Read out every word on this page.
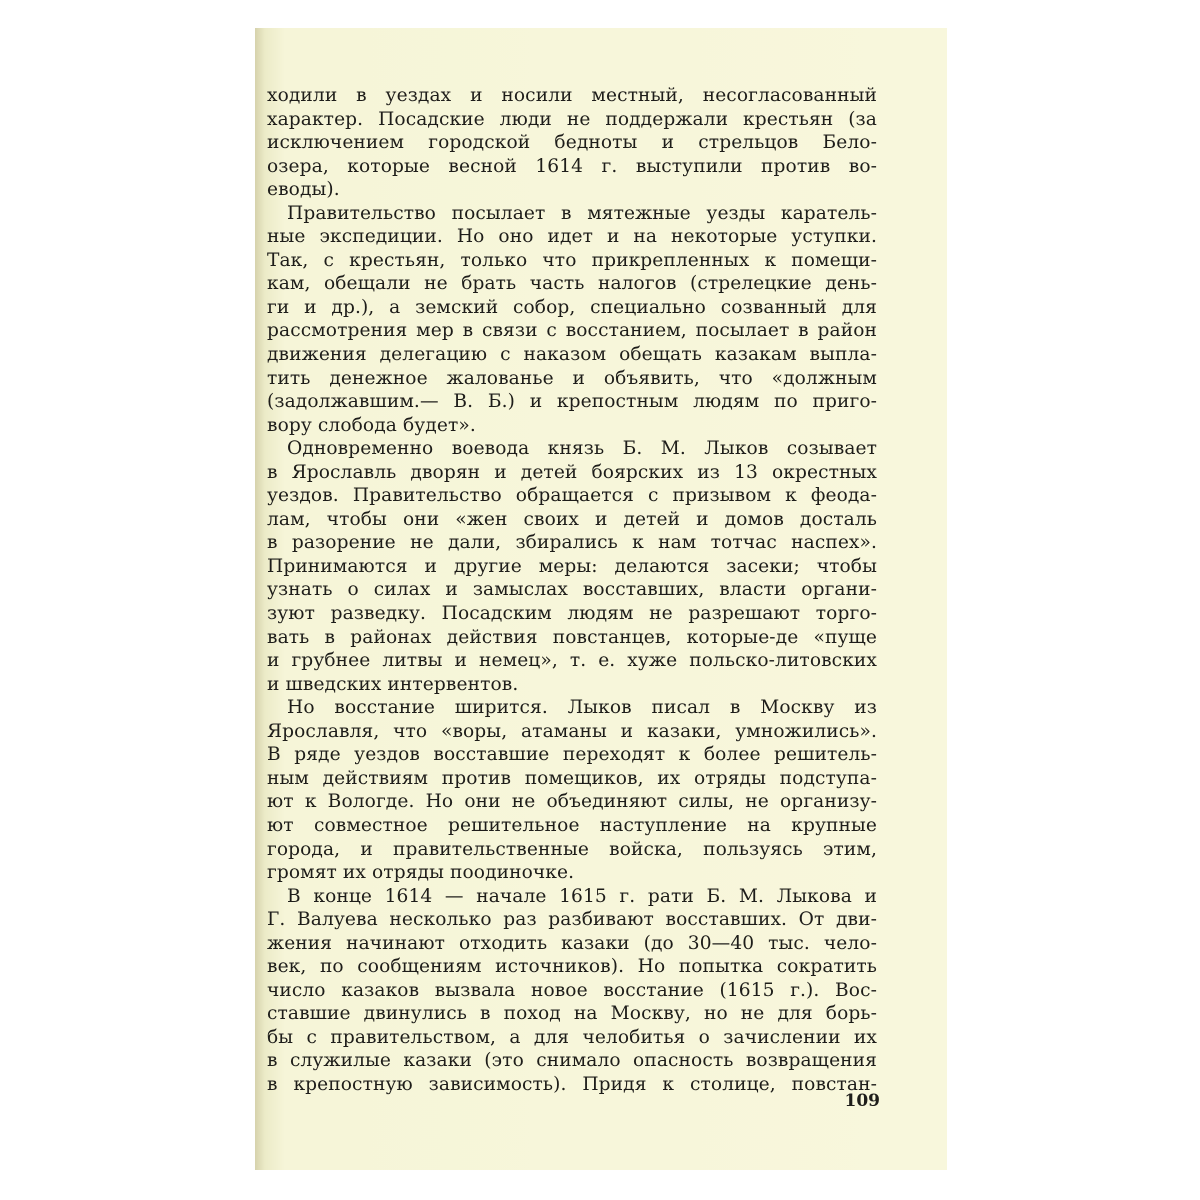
ходили в уездах и носили местный, несогласованный
характер. Посадские люди не поддержали крестьян (за
исключением городской бедноты и стрельцов Бело-
озера, которые весной 1614 г. выступили против во-
еводы).
Правительство посылает в мятежные уезды каратель-
ные экспедиции. Но оно идет и на некоторые уступки.
Так, с крестьян, только что прикрепленных к помещи-
кам, обещали не брать часть налогов (стрелецкие день-
ги и др.), а земский собор, специально созванный для
рассмотрения мер в связи с восстанием, посылает в район
движения делегацию с наказом обещать казакам выпла-
тить денежное жалованье и объявить, что «должным
(задолжавшим.— В. Б.) и крепостным людям по приго-
вору слобода будет».
Одновременно воевода князь Б. М. Лыков созывает
в Ярославль дворян и детей боярских из 13 окрестных
уездов. Правительство обращается с призывом к феода-
лам, чтобы они «жен своих и детей и домов досталь
в разорение не дали, збирались к нам тотчас наспех».
Принимаются и другие меры: делаются засеки; чтобы
узнать о силах и замыслах восставших, власти органи-
зуют разведку. Посадским людям не разрешают торго-
вать в районах действия повстанцев, которые-де «пуще
и грубнее литвы и немец», т. е. хуже польско-литовских
и шведских интервентов.
Но восстание ширится. Лыков писал в Москву из
Ярославля, что «воры, атаманы и казаки, умножились».
В ряде уездов восставшие переходят к более решитель-
ным действиям против помещиков, их отряды подступа-
ют к Вологде. Но они не объединяют силы, не организу-
ют совместное решительное наступление на крупные
города, и правительственные войска, пользуясь этим,
громят их отряды поодиночке.
В конце 1614 — начале 1615 г. рати Б. М. Лыкова и
Г. Валуева несколько раз разбивают восставших. От дви-
жения начинают отходить казаки (до 30—40 тыс. чело-
век, по сообщениям источников). Но попытка сократить
число казаков вызвала новое восстание (1615 г.). Вос-
ставшие двинулись в поход на Москву, но не для борь-
бы с правительством, а для челобитья о зачислении их
в служилые казаки (это снимало опасность возвращения
в крепостную зависимость). Придя к столице, повстан-
109
